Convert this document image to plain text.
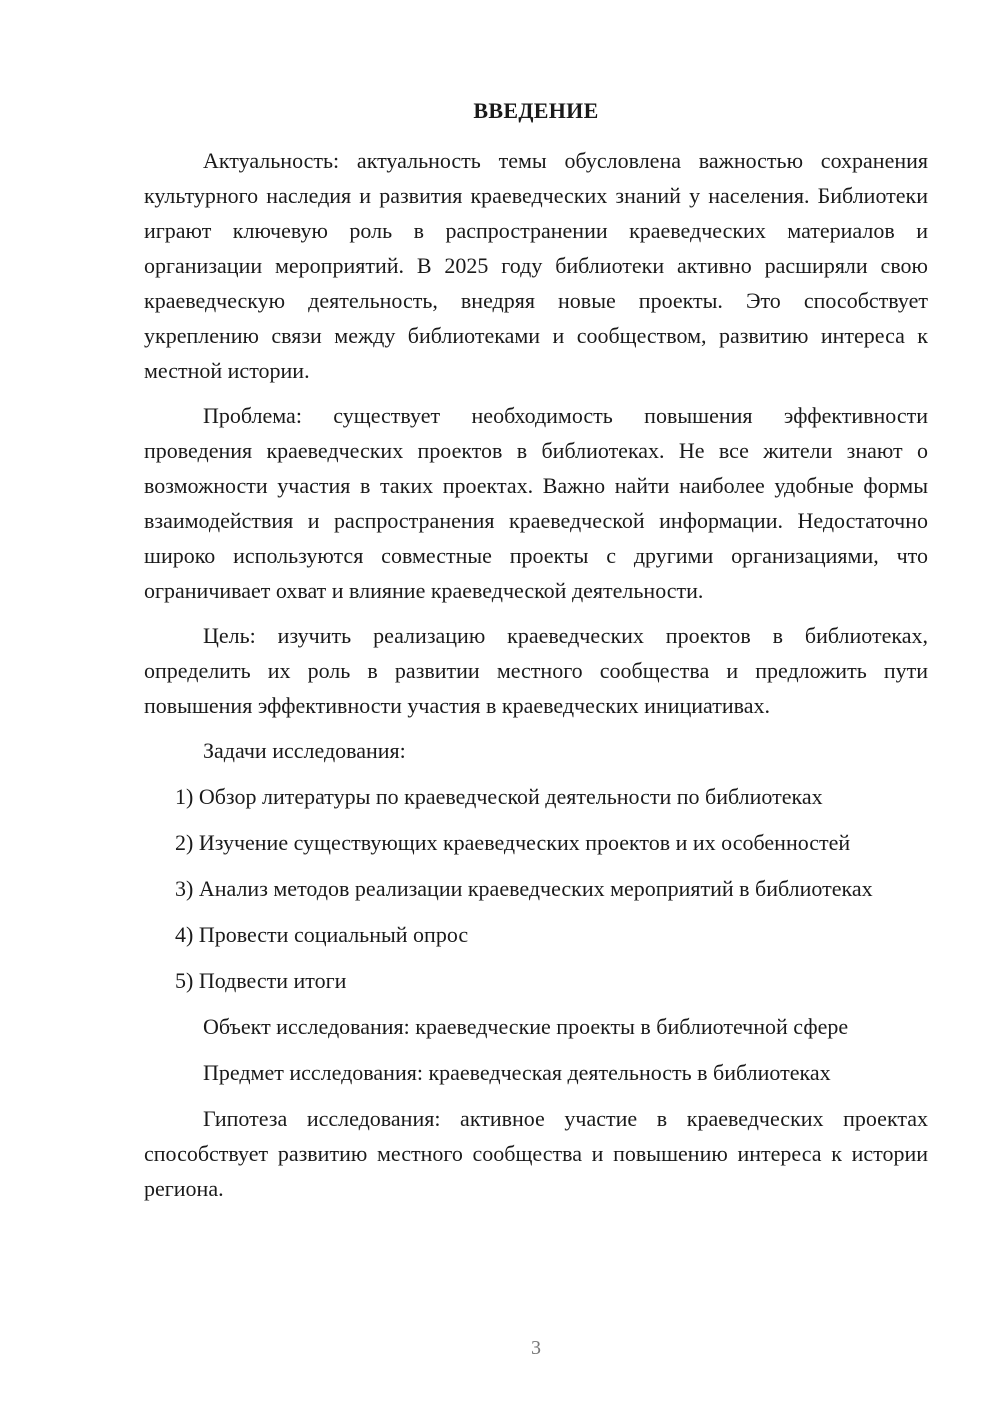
ВВЕДЕНИЕ

Актуальность: актуальность темы обусловлена важностью сохранения культурного наследия и развития краеведческих знаний у населения. Библиотеки играют ключевую роль в распространении краеведческих материалов и организации мероприятий. В 2025 году библиотеки активно расширяли свою краеведческую деятельность, внедряя новые проекты. Это способствует укреплению связи между библиотеками и сообществом, развитию интереса к местной истории.

Проблема: существует необходимость повышения эффективности проведения краеведческих проектов в библиотеках. Не все жители знают о возможности участия в таких проектах. Важно найти наиболее удобные формы взаимодействия и распространения краеведческой информации. Недостаточно широко используются совместные проекты с другими организациями, что ограничивает охват и влияние краеведческой деятельности.

Цель: изучить реализацию краеведческих проектов в библиотеках, определить их роль в развитии местного сообщества и предложить пути повышения эффективности участия в краеведческих инициативах.

Задачи исследования:

1) Обзор литературы по краеведческой деятельности по библиотеках

2) Изучение существующих краеведческих проектов и их особенностей

3) Анализ методов реализации краеведческих мероприятий в библиотеках

4) Провести социальный опрос

5) Подвести итоги

Объект исследования: краеведческие проекты в библиотечной сфере

Предмет исследования: краеведческая деятельность в библиотеках

Гипотеза исследования: активное участие в краеведческих проектах способствует развитию местного сообщества и повышению интереса к истории региона.

3
